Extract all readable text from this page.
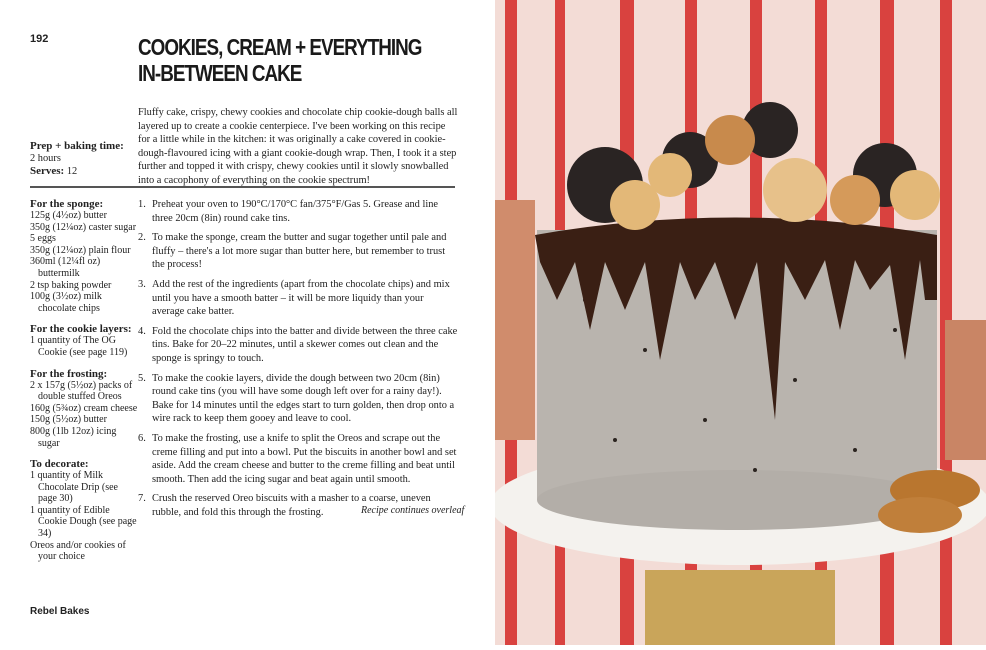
192	COOKIES, CREAM + EVERYTHING
IN-BETWEEN CAKE

Fluffy cake, crispy, chewy cookies and chocolate chip cookie-dough balls all layered up to create a cookie centerpiece. I've been working on this recipe for a little while in the kitchen: it was originally a cake covered in cookie-dough-flavoured icing with a giant cookie-dough wrap. Then, I took it a step further and topped it with crispy, chewy cookies until it slowly snowballed into a cacophony of everything on the cookie spectrum!

Prep + baking time:
2 hours
Serves: 12
For the sponge:
125g (4½oz) butter
350g (12¼oz) caster sugar
5 eggs
350g (12¼oz) plain flour
360ml (12¼fl oz) buttermilk
2 tsp baking powder
100g (3½oz) milk chocolate chips
For the cookie layers:
1 quantity of The OG Cookie (see page 119)
For the frosting:
2 x 157g (5½oz) packs of double stuffed Oreos
160g (5¾oz) cream cheese
150g (5½oz) butter
800g (1lb 12oz) icing sugar
To decorate:
1 quantity of Milk Chocolate Drip (see page 30)
1 quantity of Edible Cookie Dough (see page 34)
Oreos and/or cookies of your choice
1. Preheat your oven to 190°C/170°C fan/375°F/Gas 5. Grease and line three 20cm (8in) round cake tins.
2. To make the sponge, cream the butter and sugar together until pale and fluffy – there's a lot more sugar than butter here, but remember to trust the process!
3. Add the rest of the ingredients (apart from the chocolate chips) and mix until you have a smooth batter – it will be more liquidy than your average cake batter.
4. Fold the chocolate chips into the batter and divide between the three cake tins. Bake for 20–22 minutes, until a skewer comes out clean and the sponge is springy to touch.
5. To make the cookie layers, divide the dough between two 20cm (8in) round cake tins (you will have some dough left over for a rainy day!). Bake for 14 minutes until the edges start to turn golden, then drop onto a wire rack to keep them gooey and leave to cool.
6. To make the frosting, use a knife to split the Oreos and scrape out the creme filling and put into a bowl. Put the biscuits in another bowl and set aside. Add the cream cheese and butter to the creme filling and beat until smooth. Then add the icing sugar and beat again until smooth.
7. Crush the reserved Oreo biscuits with a masher to a coarse, uneven rubble, and fold this through the frosting.	Recipe continues overleaf
Rebel Bakes
